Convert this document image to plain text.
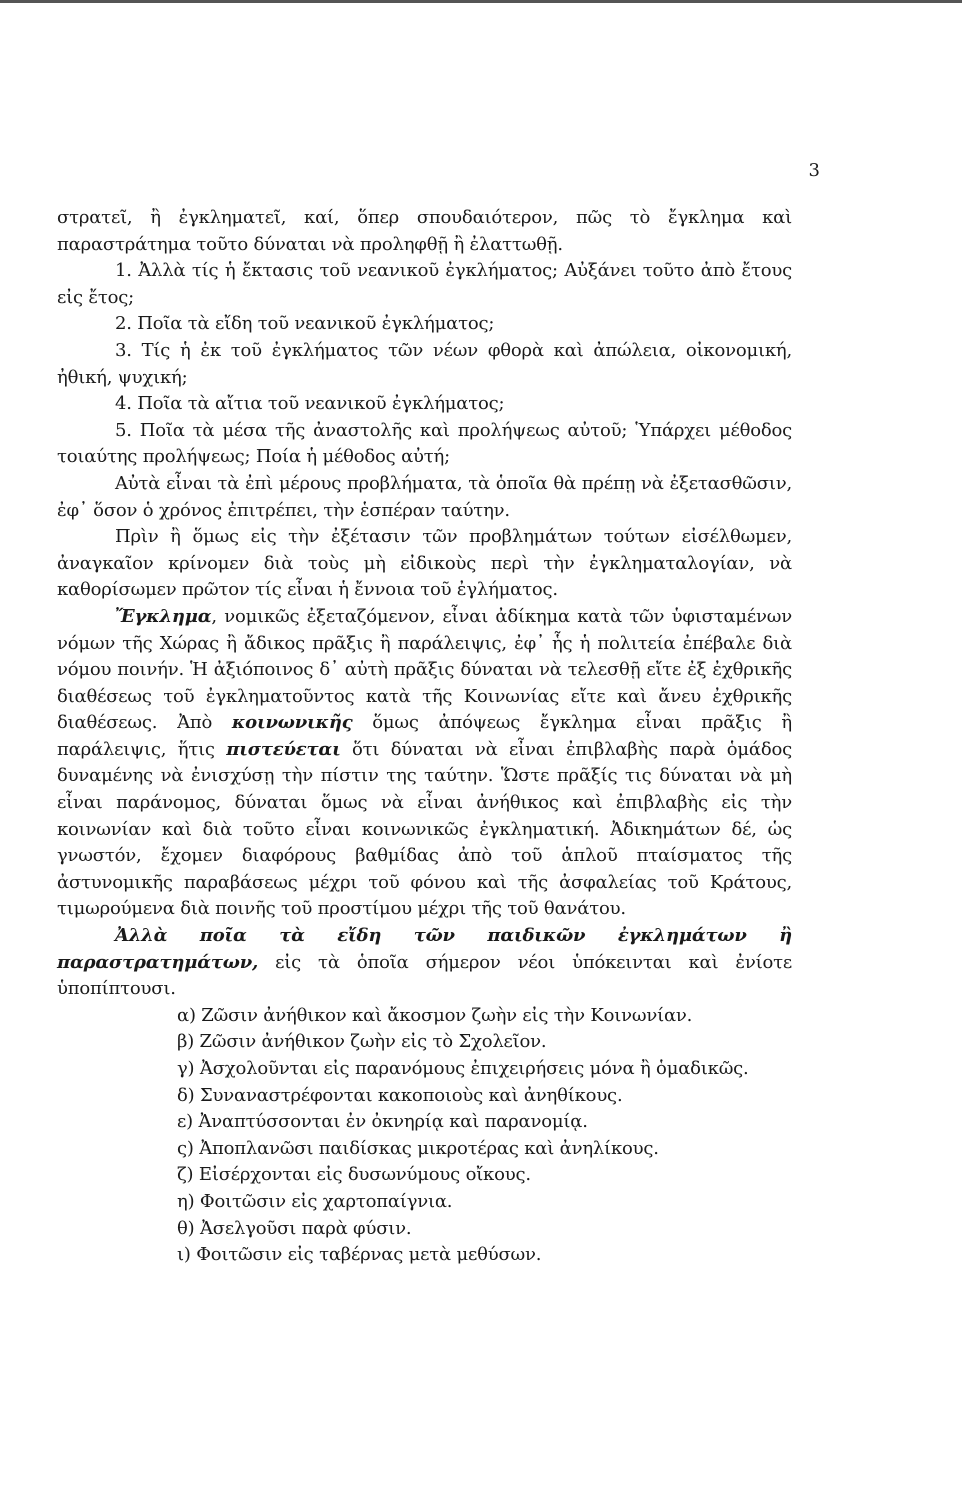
3

στρατεῖ, ἢ ἐγκληματεῖ, καί, ὅπερ σπουδαιότερον, πῶς τὸ ἔγκλημα καὶ παραστράτημα τοῦτο δύναται νὰ προληφθῇ ἢ ἐλαττωθῇ.

1. Ἀλλὰ τίς ἡ ἔκτασις τοῦ νεανικοῦ ἐγκλήματος; Αὐξάνει τοῦτο ἀπὸ ἔτους εἰς ἔτος;

2. Ποῖα τὰ εἴδη τοῦ νεανικοῦ ἐγκλήματος;

3. Τίς ἡ ἐκ τοῦ ἐγκλήματος τῶν νέων φθορὰ καὶ ἀπώλεια, οἰκονομική, ἠθική, ψυχική;

4. Ποῖα τὰ αἴτια τοῦ νεανικοῦ ἐγκλήματος;

5. Ποῖα τὰ μέσα τῆς ἀναστολῆς καὶ προλήψεως αὐτοῦ; Ὑπάρχει μέθοδος τοιαύτης προλήψεως; Ποία ἡ μέθοδος αὐτή;

Αὐτὰ εἶναι τὰ ἐπὶ μέρους προβλήματα, τὰ ὁποῖα θὰ πρέπῃ νὰ ἐξετασθῶσιν, ἐφ᾿ ὅσον ὁ χρόνος ἐπιτρέπει, τὴν ἑσπέραν ταύτην.

Πρὶν ἢ ὅμως εἰς τὴν ἐξέτασιν τῶν προβλημάτων τούτων εἰσέλθωμεν, ἀναγκαῖον κρίνομεν διὰ τοὺς μὴ εἰδικοὺς περὶ τὴν ἐγκληματαλογίαν, νὰ καθορίσωμεν πρῶτον τίς εἶναι ἡ ἔννοια τοῦ ἐγλήματος.

Ἔγκλημα, νομικῶς ἐξεταζόμενον, εἶναι ἀδίκημα κατὰ τῶν ὑφισταμένων νόμων τῆς Χώρας ἢ ἄδικος πρᾶξις ἢ παράλειψις, ἐφ᾿ ἧς ἡ πολιτεία ἐπέβαλε διὰ νόμου ποινήν. Ἡ ἀξιόποινος δ᾿ αὐτὴ πρᾶξις δύναται νὰ τελεσθῇ εἴτε ἐξ ἐχθρικῆς διαθέσεως τοῦ ἐγκληματοῦντος κατὰ τῆς Κοινωνίας εἴτε καὶ ἄνευ ἐχθρικῆς διαθέσεως. Ἀπὸ κοινωνικῆς ὅμως ἀπόψεως ἔγκλημα εἶναι πρᾶξις ἢ παράλειψις, ἥτις πιστεύεται ὅτι δύναται νὰ εἶναι ἐπιβλαβὴς παρὰ ὁμάδος δυναμένης νὰ ἐνισχύσῃ τὴν πίστιν της ταύτην. Ὥστε πρᾶξίς τις δύναται νὰ μὴ εἶναι παράνομος, δύναται ὅμως νὰ εἶναι ἀνήθικος καὶ ἐπιβλαβὴς εἰς τὴν κοινωνίαν καὶ διὰ τοῦτο εἶναι κοινωνικῶς ἐγκληματική. Ἀδικημάτων δέ, ὡς γνωστόν, ἔχομεν διαφόρους βαθμίδας ἀπὸ τοῦ ἁπλοῦ πταίσματος τῆς ἀστυνομικῆς παραβάσεως μέχρι τοῦ φόνου καὶ τῆς ἀσφαλείας τοῦ Κράτους, τιμωρούμενα διὰ ποινῆς τοῦ προστίμου μέχρι τῆς τοῦ θανάτου.

Ἀλλὰ ποῖα τὰ εἴδη τῶν παιδικῶν ἐγκλημάτων ἢ παραστρατημάτων, εἰς τὰ ὁποῖα σήμερον νέοι ὑπόκεινται καὶ ἐνίοτε ὑποπίπτουσι.

α) Ζῶσιν ἀνήθικον καὶ ἄκοσμον ζωὴν εἰς τὴν Κοινωνίαν.

β) Ζῶσιν ἀνήθικον ζωὴν εἰς τὸ Σχολεῖον.

γ) Ἀσχολοῦνται εἰς παρανόμους ἐπιχειρήσεις μόνα ἢ ὁμαδικῶς.

δ) Συναναστρέφονται κακοποιοὺς καὶ ἀνηθίκους.

ε) Ἀναπτύσσονται ἐν ὀκνηρίᾳ καὶ παρανομίᾳ.

ς) Ἀποπλανῶσι παιδίσκας μικροτέρας καὶ ἀνηλίκους.

ζ) Εἰσέρχονται εἰς δυσωνύμους οἴκους.

η) Φοιτῶσιν εἰς χαρτοπαίγνια.

θ) Ἀσελγοῦσι παρὰ φύσιν.

ι) Φοιτῶσιν εἰς ταβέρνας μετὰ μεθύσων.
